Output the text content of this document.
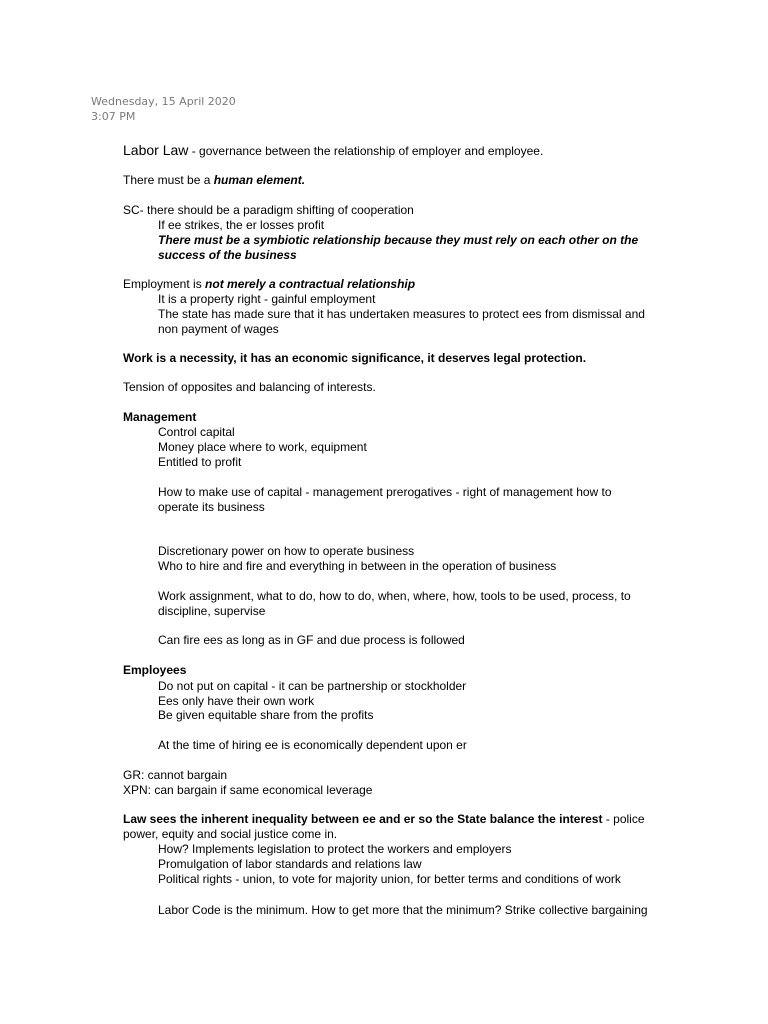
Wednesday, 15 April 2020
3:07 PM
Labor Law - governance between the relationship of employer and employee.
There must be a human element.
SC- there should be a paradigm shifting of cooperation
If ee strikes, the er losses profit
There must be a symbiotic relationship because they must rely on each other on the
success of the business
Employment is not merely a contractual relationship
It is a property right - gainful employment
The state has made sure that it has undertaken measures to protect ees from dismissal and
non payment of wages
Work is a necessity, it has an economic significance, it deserves legal protection.
Tension of opposites and balancing of interests.
Management
Control capital
Money place where to work, equipment
Entitled to profit
How to make use of capital - management prerogatives - right of management how to
operate its business
Discretionary power on how to operate business
Who to hire and fire and everything in between in the operation of business
Work assignment, what to do, how to do, when, where, how, tools to be used, process, to
discipline, supervise
Can fire ees as long as in GF and due process is followed
Employees
Do not put on capital - it can be partnership or stockholder
Ees only have their own work
Be given equitable share from the profits
At the time of hiring ee is economically dependent upon er
GR: cannot bargain
XPN: can bargain if same economical leverage
Law sees the inherent inequality between ee and er so the State balance the interest - police
power, equity and social justice come in.
How? Implements legislation to protect the workers and employers
Promulgation of labor standards and relations law
Political rights - union, to vote for majority union, for better terms and conditions of work
Labor Code is the minimum. How to get more that the minimum? Strike collective bargaining
